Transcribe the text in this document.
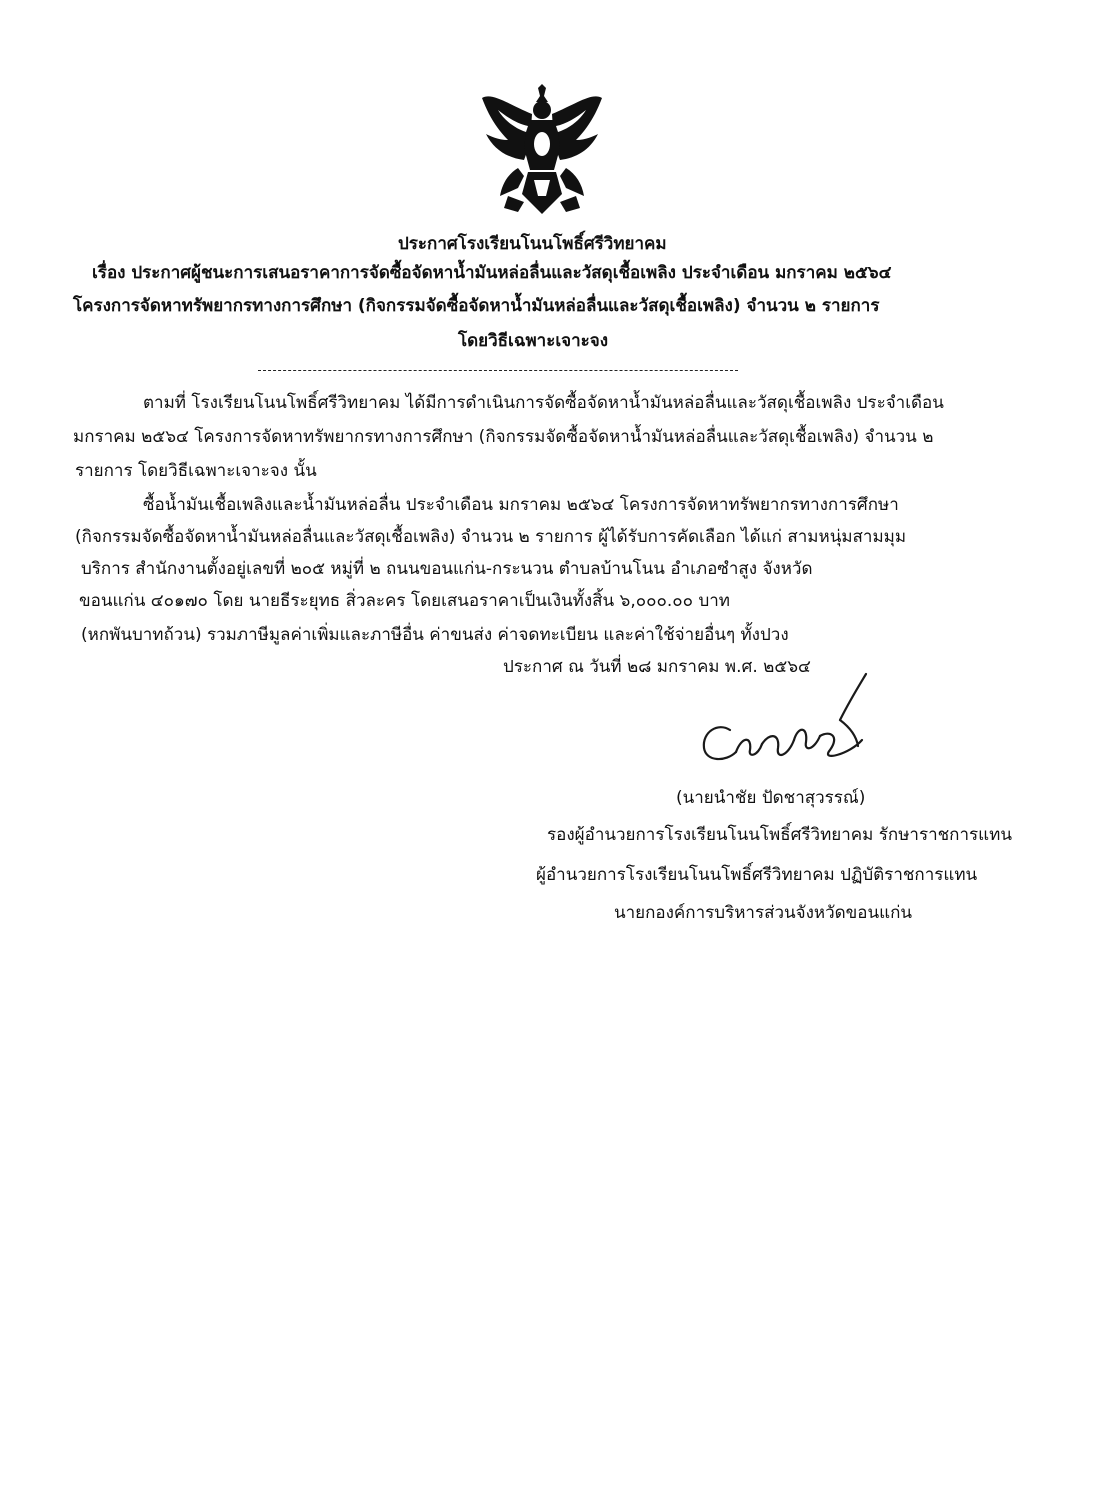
ประกาศโรงเรียนโนนโพธิ์ศรีวิทยาคม
เรื่อง ประกาศผู้ชนะการเสนอราคาการจัดซื้อจัดหาน้ำมันหล่อลื่นและวัสดุเชื้อเพลิง ประจำเดือน มกราคม ๒๕๖๔
โครงการจัดหาทรัพยากรทางการศึกษา (กิจกรรมจัดซื้อจัดหาน้ำมันหล่อลื่นและวัสดุเชื้อเพลิง) จำนวน ๒ รายการ
โดยวิธีเฉพาะเจาะจง
ตามที่ โรงเรียนโนนโพธิ์ศรีวิทยาคม ได้มีการดำเนินการจัดซื้อจัดหาน้ำมันหล่อลื่นและวัสดุเชื้อเพลิง ประจำเดือน
มกราคม ๒๕๖๔ โครงการจัดหาทรัพยากรทางการศึกษา (กิจกรรมจัดซื้อจัดหาน้ำมันหล่อลื่นและวัสดุเชื้อเพลิง) จำนวน ๒
รายการ โดยวิธีเฉพาะเจาะจง นั้น
ซื้อน้ำมันเชื้อเพลิงและน้ำมันหล่อลื่น ประจำเดือน มกราคม ๒๕๖๔ โครงการจัดหาทรัพยากรทางการศึกษา
(กิจกรรมจัดซื้อจัดหาน้ำมันหล่อลื่นและวัสดุเชื้อเพลิง) จำนวน ๒ รายการ ผู้ได้รับการคัดเลือก ได้แก่ สามหนุ่มสามมุม
บริการ สำนักงานตั้งอยู่เลขที่ ๒๐๕ หมู่ที่ ๒ ถนนขอนแก่น-กระนวน ตำบลบ้านโนน อำเภอซำสูง จังหวัด
ขอนแก่น ๔๐๑๗๐ โดย นายธีระยุทธ สิ่วละคร โดยเสนอราคาเป็นเงินทั้งสิ้น ๖,๐๐๐.๐๐ บาท
(หกพันบาทถ้วน) รวมภาษีมูลค่าเพิ่มและภาษีอื่น ค่าขนส่ง ค่าจดทะเบียน และค่าใช้จ่ายอื่นๆ ทั้งปวง
ประกาศ ณ วันที่ ๒๘ มกราคม พ.ศ. ๒๕๖๔
(นายนำชัย ปัดชาสุวรรณ์)
รองผู้อำนวยการโรงเรียนโนนโพธิ์ศรีวิทยาคม รักษาราชการแทน
ผู้อำนวยการโรงเรียนโนนโพธิ์ศรีวิทยาคม ปฏิบัติราชการแทน
นายกองค์การบริหารส่วนจังหวัดขอนแก่น
